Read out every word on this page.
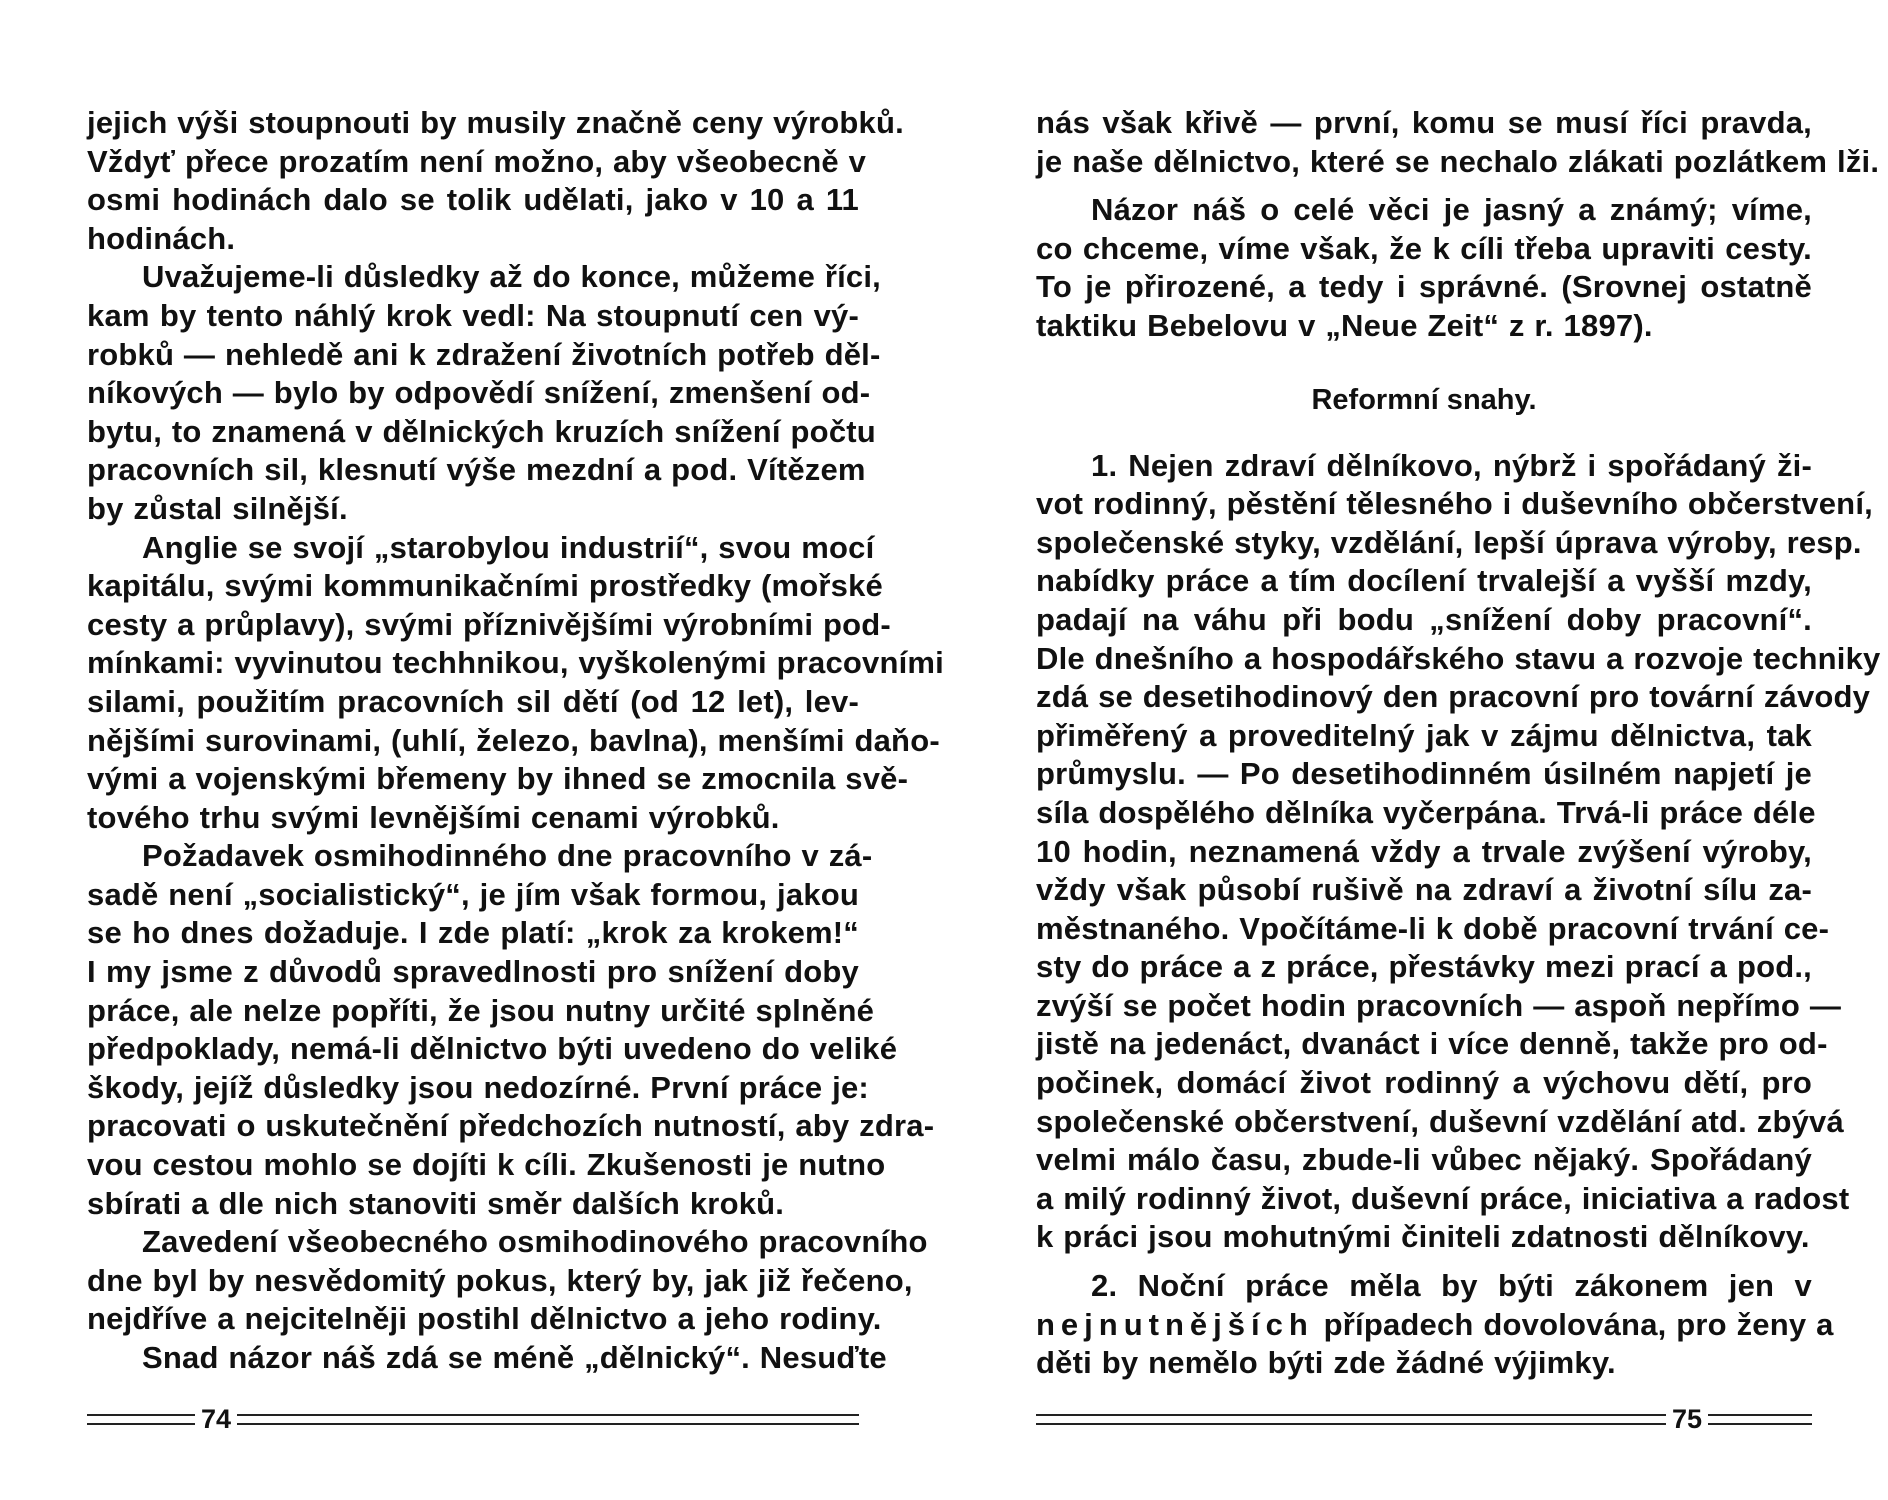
jejich výši stoupnouti by musily značně ceny výrobků.
Vždyť přece prozatím není možno, aby všeobecně v
osmi hodinách dalo se tolik udělati, jako v 10 a 11
hodinách.

Uvažujeme-li důsledky až do konce, můžeme říci,
kam by tento náhlý krok vedl: Na stoupnutí cen vý-
robků — nehledě ani k zdražení životních potřeb děl-
níkových — bylo by odpovědí snížení, zmenšení od-
bytu, to znamená v dělnických kruzích snížení počtu
pracovních sil, klesnutí výše mezdní a pod. Vítězem
by zůstal silnější.

Anglie se svojí „starobylou industrií“, svou mocí
kapitálu, svými kommunikačními prostředky (mořské
cesty a průplavy), svými příznivějšími výrobními pod-
mínkami: vyvinutou techhnikou, vyškolenými pracovními
silami, použitím pracovních sil dětí (od 12 let), lev-
nějšími surovinami, (uhlí, železo, bavlna), menšími daňo-
vými a vojenskými břemeny by ihned se zmocnila svě-
tového trhu svými levnějšími cenami výrobků.

Požadavek osmihodinného dne pracovního v zá-
sadě není „socialistický“, je jím však formou, jakou
se ho dnes dožaduje. I zde platí: „krok za krokem!“
I my jsme z důvodů spravedlnosti pro snížení doby
práce, ale nelze popříti, že jsou nutny určité splněné
předpoklady, nemá-li dělnictvo býti uvedeno do veliké
škody, jejíž důsledky jsou nedozírné. První práce je:
pracovati o uskutečnění předchozích nutností, aby zdra-
vou cestou mohlo se dojíti k cíli. Zkušenosti je nutno
sbírati a dle nich stanoviti směr dalších kroků.

Zavedení všeobecného osmihodinového pracovního
dne byl by nesvědomitý pokus, který by, jak již řečeno,
nejdříve a nejcitelněji postihl dělnictvo a jeho rodiny.

Snad názor náš zdá se méně „dělnický“. Nesuďte

74

nás však křivě — první, komu se musí říci pravda,
je naše dělnictvo, které se nechalo zlákati pozlátkem lži.

Názor náš o celé věci je jasný a známý; víme,
co chceme, víme však, že k cíli třeba upraviti cesty.
To je přirozené, a tedy i správné. (Srovnej ostatně
taktiku Bebelovu v „Neue Zeit“ z r. 1897).

Reformní snahy.

1. Nejen zdraví dělníkovo, nýbrž i spořádaný ži-
vot rodinný, pěstění tělesného i duševního občerstvení,
společenské styky, vzdělání, lepší úprava výroby, resp.
nabídky práce a tím docílení trvalejší a vyšší mzdy,
padají na váhu při bodu „snížení doby pracovní“.
Dle dnešního a hospodářského stavu a rozvoje techniky
zdá se desetihodinový den pracovní pro tovární závody
přiměřený a proveditelný jak v zájmu dělnictva, tak
průmyslu. — Po desetihodinném úsilném napjetí je
síla dospělého dělníka vyčerpána. Trvá-li práce déle
10 hodin, neznamená vždy a trvale zvýšení výroby,
vždy však působí rušivě na zdraví a životní sílu za-
městnaného. Vpočítáme-li k době pracovní trvání ce-
sty do práce a z práce, přestávky mezi prací a pod.,
zvýší se počet hodin pracovních — aspoň nepřímo —
jistě na jedenáct, dvanáct i více denně, takže pro od-
počinek, domácí život rodinný a výchovu dětí, pro
společenské občerstvení, duševní vzdělání atd. zbývá
velmi málo času, zbude-li vůbec nějaký. Spořádaný
a milý rodinný život, duševní práce, iniciativa a radost
k práci jsou mohutnými činiteli zdatnosti dělníkovy.

2. Noční práce měla by býti zákonem jen v
nejnutnějších případech dovolována, pro ženy a
děti by nemělo býti zde žádné výjimky.

75
